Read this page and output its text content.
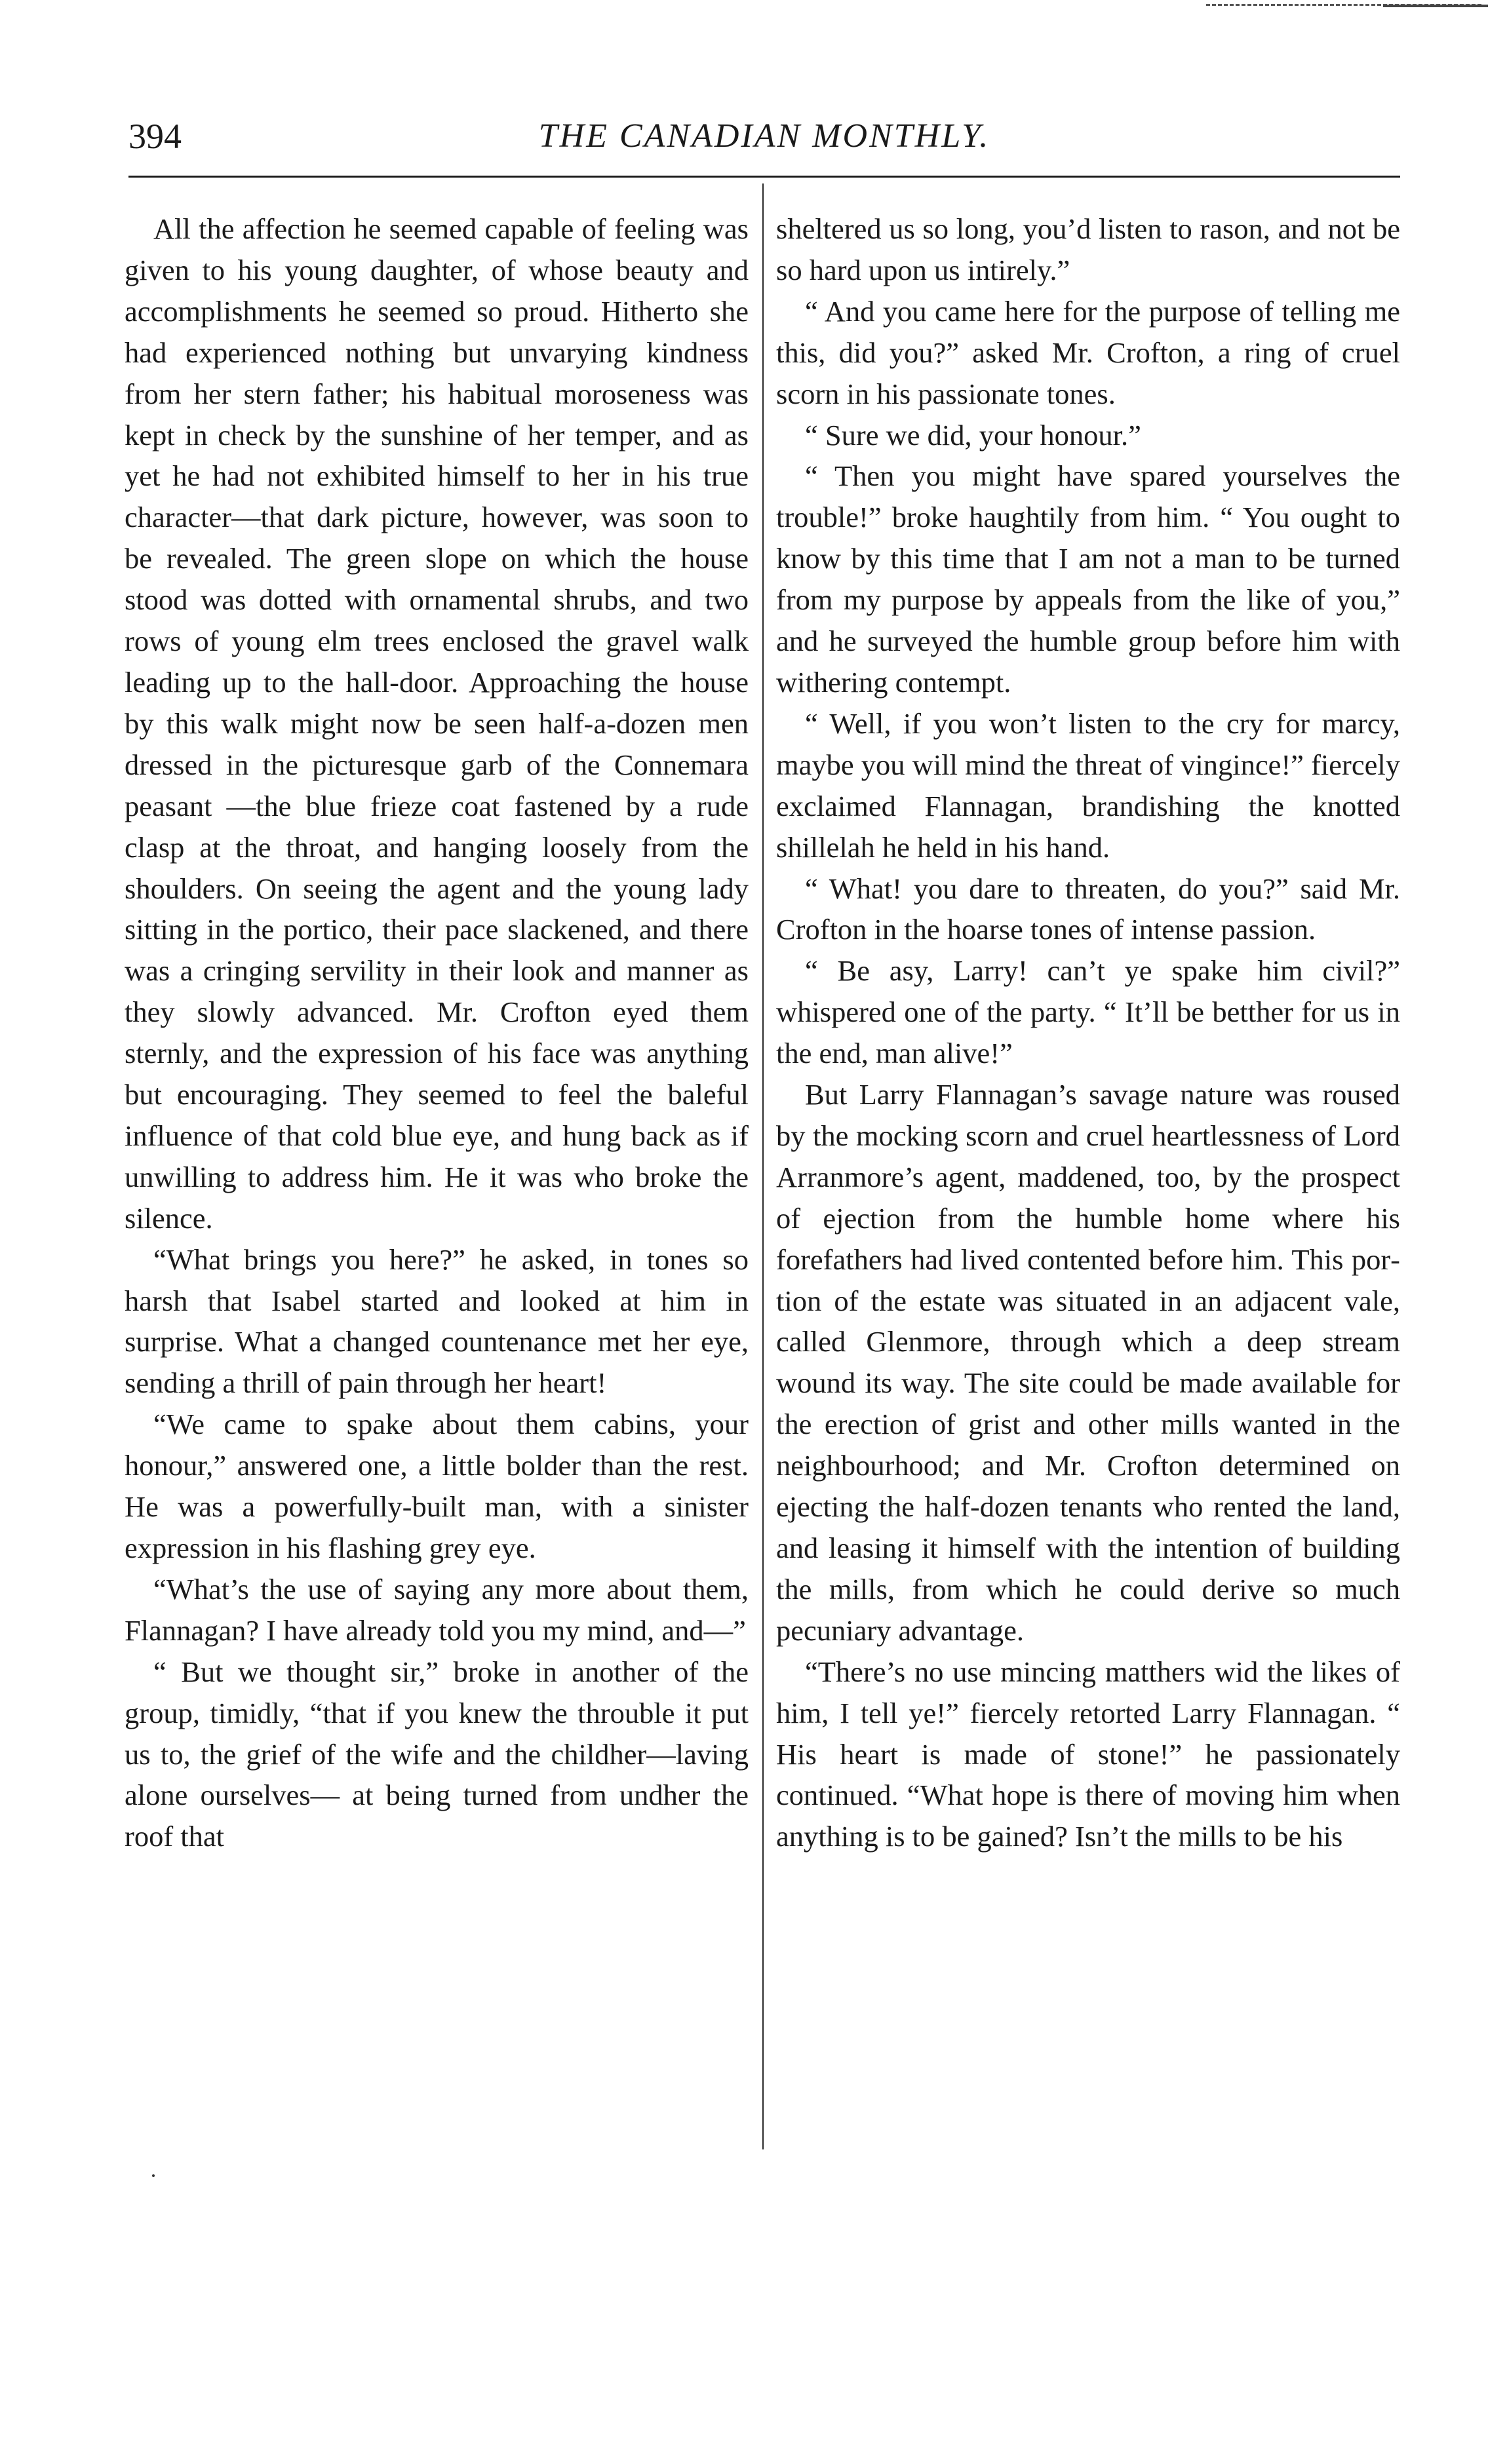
394	THE CANADIAN MONTHLY.

All the affection he seemed capable of feeling was given to his young daughter, of whose beauty and accomplishments he seemed so proud. Hitherto she had experienced nothing but unvarying kindness from her stern father; his habitual moroseness was kept in check by the sunshine of her temper, and as yet he had not exhibited himself to her in his true character—that dark picture, however, was soon to be revealed. The green slope on which the house stood was dotted with ornamental shrubs, and two rows of young elm trees enclosed the gravel walk leading up to the hall-door. Approaching the house by this walk might now be seen half-a-dozen men dressed in the picturesque garb of the Connemara peasant —the blue frieze coat fastened by a rude clasp at the throat, and hanging loosely from the shoulders. On seeing the agent and the young lady sitting in the portico, their pace slackened, and there was a cringing servility in their look and manner as they slowly advanced. Mr. Crofton eyed them sternly, and the expression of his face was anything but encouraging. They seemed to feel the baleful influence of that cold blue eye, and hung back as if unwilling to address him. He it was who broke the silence.

“What brings you here?” he asked, in tones so harsh that Isabel started and looked at him in surprise. What a changed countenance met her eye, sending a thrill of pain through her heart!

“We came to spake about them cabins, your honour,” answered one, a little bolder than the rest. He was a powerfully-built man, with a sinister expression in his flashing grey eye.

“What’s the use of saying any more about them, Flannagan? I have already told you my mind, and—”

“ But we thought sir,” broke in another of the group, timidly, “that if you knew the throuble it put us to, the grief of the wife and the childher—laving alone ourselves— at being turned from undher the roof that

sheltered us so long, you’d listen to rason, and not be so hard upon us intirely.”

“ And you came here for the purpose of telling me this, did you?” asked Mr. Crofton, a ring of cruel scorn in his passionate tones.

“ Sure we did, your honour.”

“ Then you might have spared yourselves the trouble!” broke haughtily from him. “ You ought to know by this time that I am not a man to be turned from my purpose by appeals from the like of you,” and he surveyed the humble group before him with withering contempt.

“ Well, if you won’t listen to the cry for marcy, maybe you will mind the threat of vingince!” fiercely exclaimed Flannagan, brandishing the knotted shillelah he held in his hand.

“ What! you dare to threaten, do you?” said Mr. Crofton in the hoarse tones of intense passion.

“ Be asy, Larry! can’t ye spake him civil?” whispered one of the party. “ It’ll be betther for us in the end, man alive!”

But Larry Flannagan’s savage nature was roused by the mocking scorn and cruel heartlessness of Lord Arranmore’s agent, maddened, too, by the prospect of ejection from the humble home where his forefathers had lived contented before him. This portion of the estate was situated in an adjacent vale, called Glenmore, through which a deep stream wound its way. The site could be made available for the erection of grist and other mills wanted in the neighbourhood; and Mr. Crofton determined on ejecting the half-dozen tenants who rented the land, and leasing it himself with the intention of building the mills, from which he could derive so much pecuniary advantage.

“There’s no use mincing matthers wid the likes of him, I tell ye!” fiercely retorted Larry Flannagan. “ His heart is made of stone!” he passionately continued. “What hope is there of moving him when anything is to be gained? Isn’t the mills to be his
